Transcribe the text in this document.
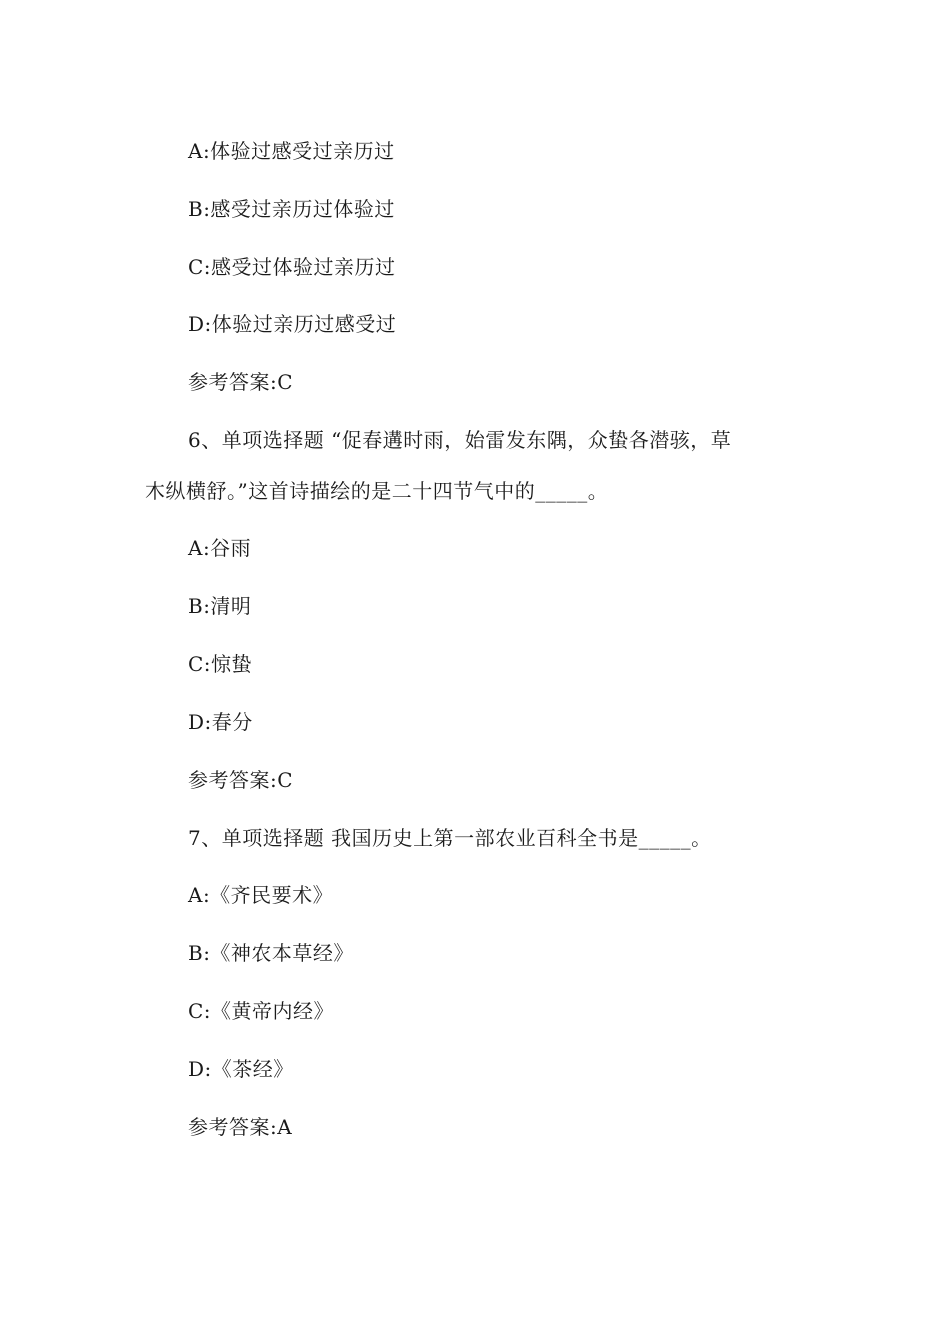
A:体验过感受过亲历过
B:感受过亲历过体验过
C:感受过体验过亲历过
D:体验过亲历过感受过
参考答案:C
6、单项选择题 “促春遘时雨，始雷发东隅，众蛰各潜骇，草
木纵横舒。”这首诗描绘的是二十四节气中的_____。
A:谷雨
B:清明
C:惊蛰
D:春分
参考答案:C
7、单项选择题 我国历史上第一部农业百科全书是_____。
A:《齐民要术》
B:《神农本草经》
C:《黄帝内经》
D:《茶经》
参考答案:A
